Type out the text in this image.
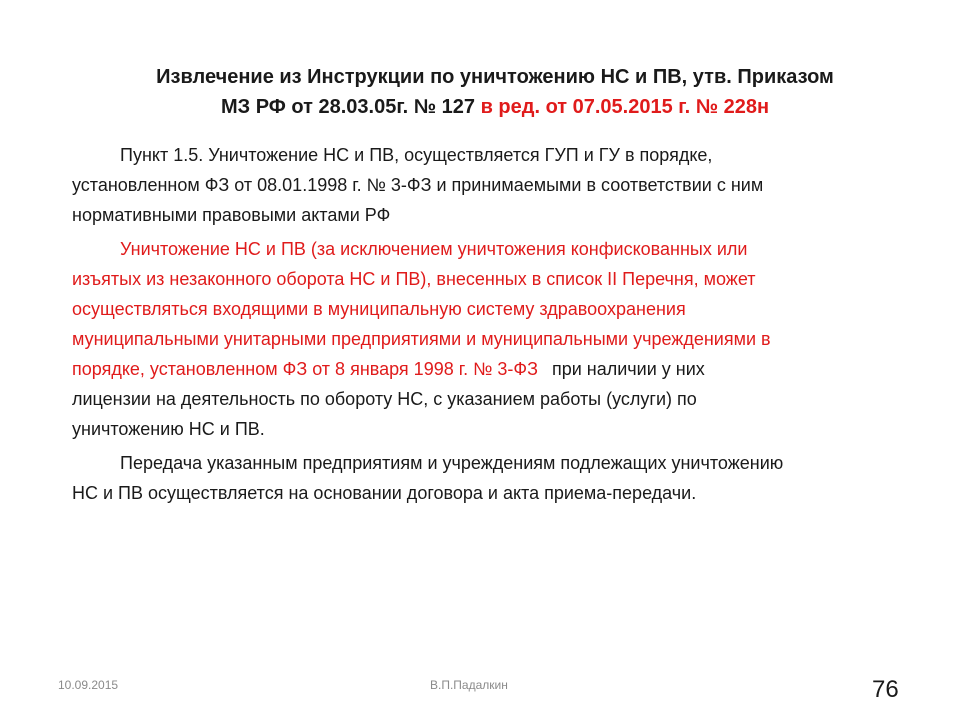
Извлечение из Инструкции по уничтожению НС и ПВ, утв. Приказом
МЗ РФ от 28.03.05г. № 127 в ред. от 07.05.2015 г. № 228н

Пункт 1.5. Уничтожение НС и ПВ, осуществляется ГУП и ГУ в порядке,
установленном ФЗ от 08.01.1998 г. № 3-ФЗ и принимаемыми в соответствии с ним
нормативными правовыми актами РФ

Уничтожение НС и ПВ (за исключением уничтожения конфискованных или
изъятых из незаконного оборота НС и ПВ), внесенных в список II Перечня, может
осуществляться входящими в муниципальную систему здравоохранения
муниципальными унитарными предприятиями и муниципальными учреждениями в
порядке, установленном ФЗ от 8 января 1998 г. № 3-ФЗ при наличии у них
лицензии на деятельность по обороту НС, с указанием работы (услуги) по
уничтожению НС и ПВ.

Передача указанным предприятиям и учреждениям подлежащих уничтожению
НС и ПВ осуществляется на основании договора и акта приема-передачи.

10.09.2015	В.П.Падалкин	76
